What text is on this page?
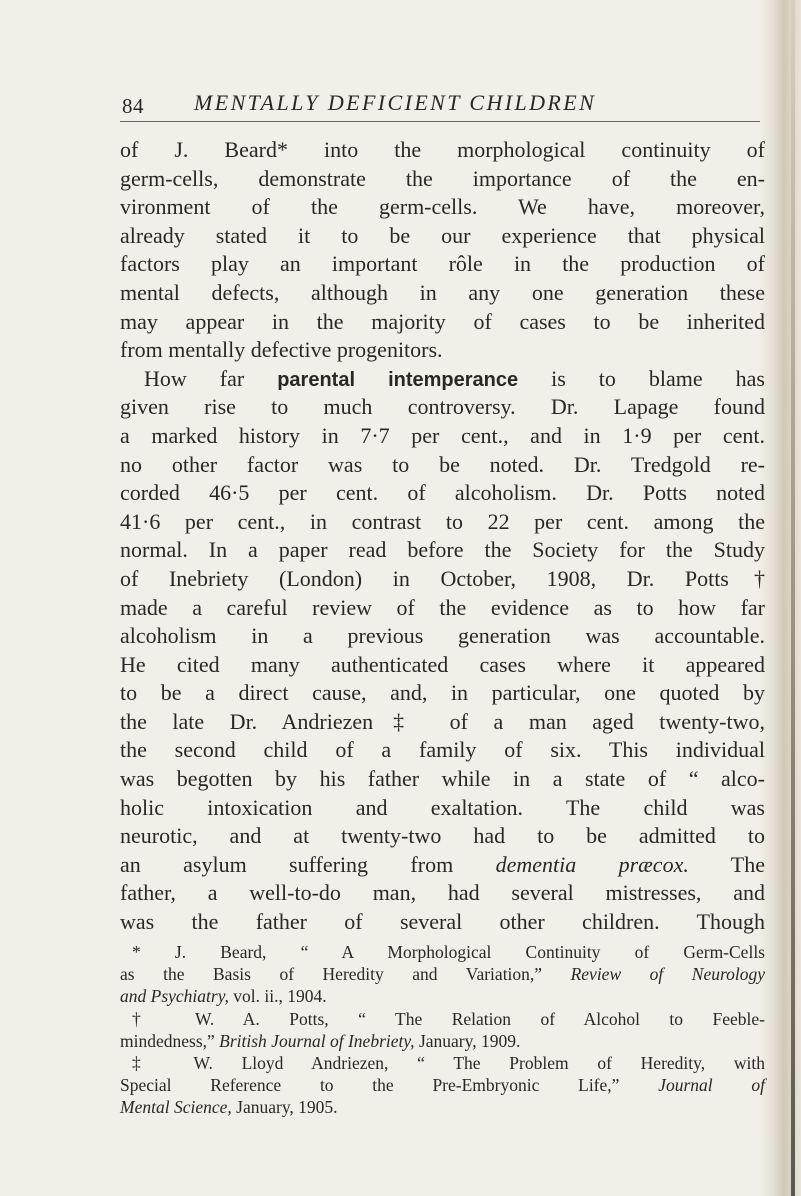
84 MENTALLY DEFICIENT CHILDREN
of J. Beard* into the morphological continuity of
germ-cells, demonstrate the importance of the en-
vironment of the germ-cells. We have, moreover,
already stated it to be our experience that physical
factors play an important rôle in the production of
mental defects, although in any one generation these
may appear in the majority of cases to be inherited
from mentally defective progenitors.
How far parental intemperance is to blame has
given rise to much controversy. Dr. Lapage found
a marked history in 7·7 per cent., and in 1·9 per cent.
no other factor was to be noted. Dr. Tredgold re-
corded 46·5 per cent. of alcoholism. Dr. Potts noted
41·6 per cent., in contrast to 22 per cent. among the
normal. In a paper read before the Society for the Study
of Inebriety (London) in October, 1908, Dr. Potts†
made a careful review of the evidence as to how far
alcoholism in a previous generation was accountable.
He cited many authenticated cases where it appeared
to be a direct cause, and, in particular, one quoted by
the late Dr. Andriezen‡ of a man aged twenty-two,
the second child of a family of six. This individual
was begotten by his father while in a state of “ alco-
holic intoxication and exaltation. The child was
neurotic, and at twenty-two had to be admitted to
an asylum suffering from dementia præcox. The
father, a well-to-do man, had several mistresses, and
was the father of several other children. Though
* J. Beard, “ A Morphological Continuity of Germ-Cells
as the Basis of Heredity and Variation,” Review of Neurology
and Psychiatry, vol. ii., 1904.
† W. A. Potts, “ The Relation of Alcohol to Feeble-
mindedness,” British Journal of Inebriety, January, 1909.
‡ W. Lloyd Andriezen, “ The Problem of Heredity, with
Special Reference to the Pre-Embryonic Life,” Journal of
Mental Science, January, 1905.
